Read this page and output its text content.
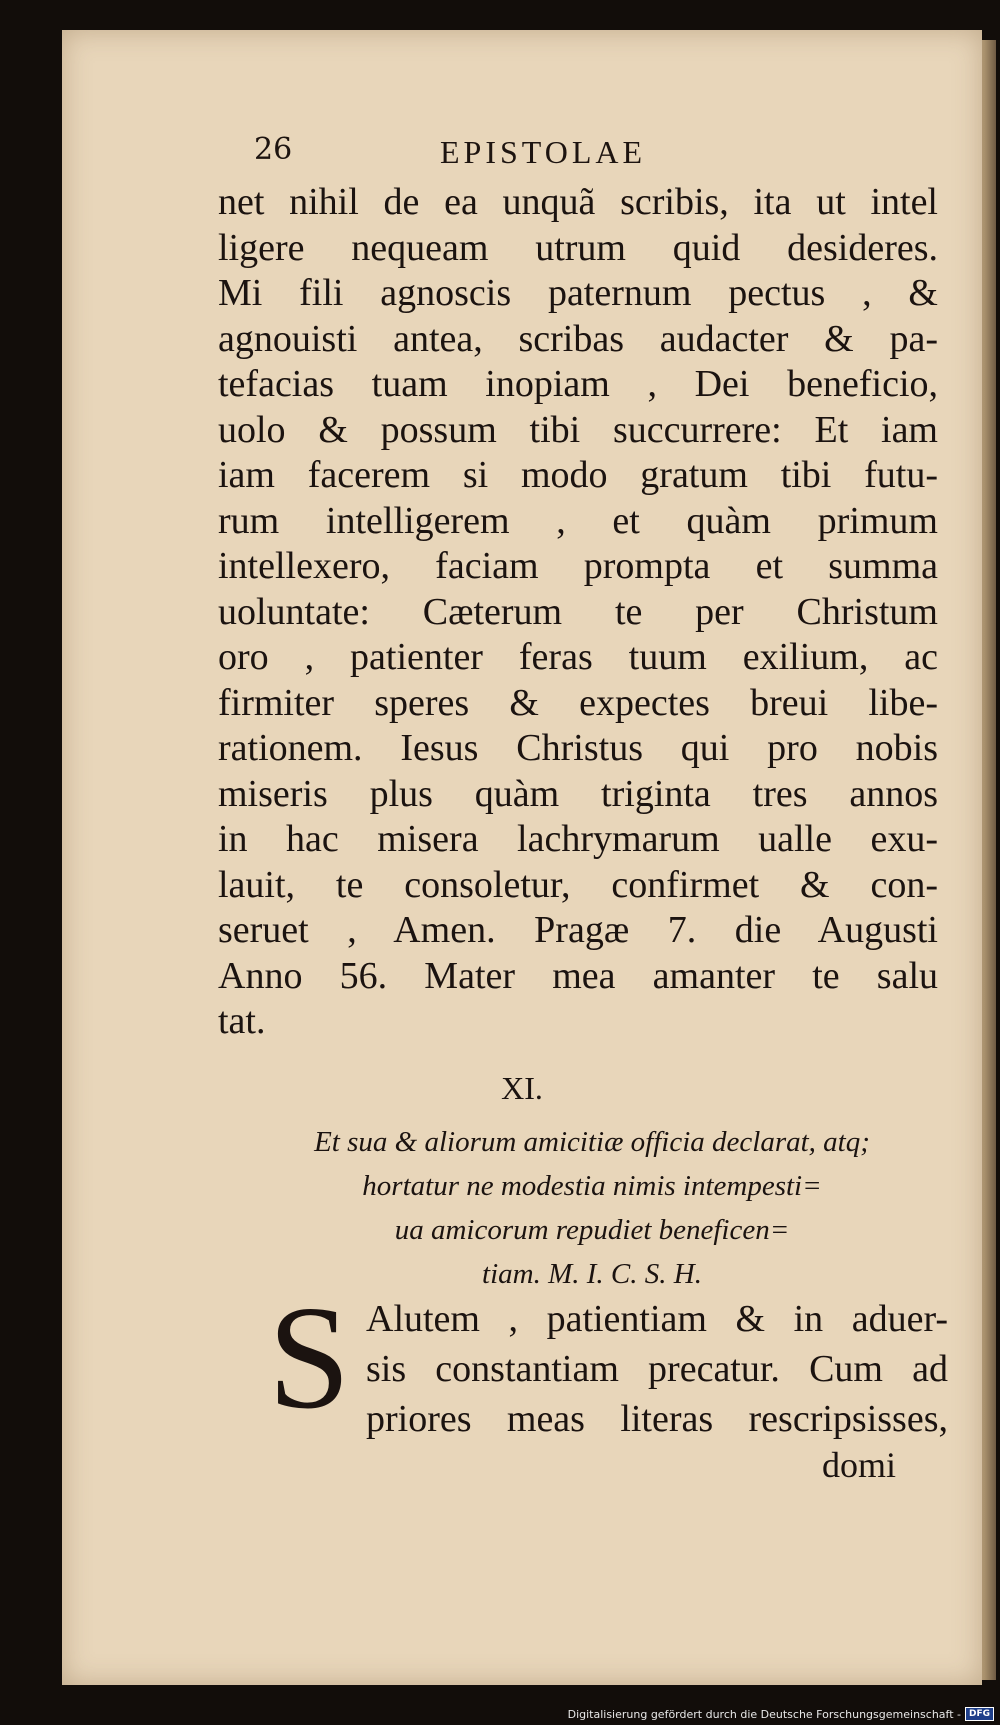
26	EPISTOLAE
net nihil de ea unquã scribis, ita ut intel
ligere nequeam utrum quid desideres.
Mi fili agnoscis paternum pectus , &
agnouisti antea, scribas audacter & pa-
tefacias tuam inopiam , Dei beneficio,
uolo & possum tibi succurrere: Et iam
iam facerem si modo gratum tibi futu-
rum intelligerem , et quàm primum
intellexero, faciam prompta et summa
uoluntate: Cæterum te per Christum
oro , patienter feras tuum exilium, ac
firmiter speres & expectes breui libe-
rationem. Iesus Christus qui pro nobis
miseris plus quàm triginta tres annos
in hac misera lachrymarum ualle exu-
lauit, te consoletur, confirmet & con-
seruet , Amen. Pragæ 7. die Augusti
Anno 56. Mater mea amanter te salu
tat.
XI.
Et sua & aliorum amicitiæ officia declarat, atq;
hortatur ne modestia nimis intempesti=
ua amicorum repudiet beneficen=
tiam. M. I. C. S. H.
S Alutem , patientiam & in aduer-
sis constantiam precatur. Cum ad
priores meas literas rescripsisses,
domi
Digitalisierung gefördert durch die Deutsche Forschungsgemeinschaft - DFG
